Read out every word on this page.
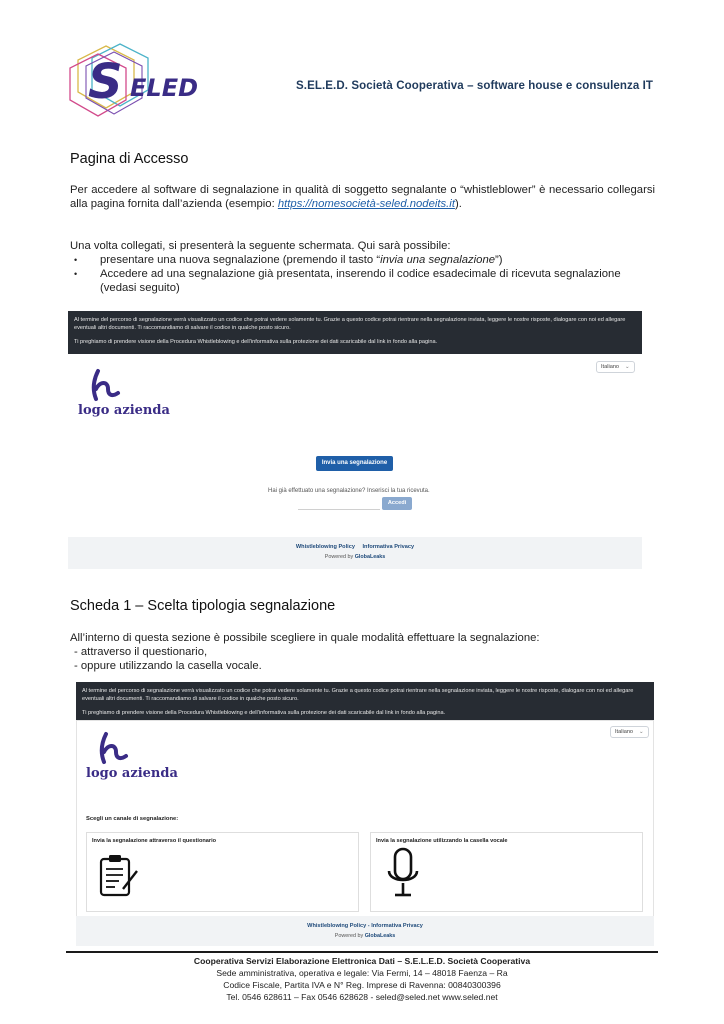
S ELED	S.EL.E.D. Società Cooperativa – software house e consulenza IT
Pagina di Accesso
Per accedere al software di segnalazione in qualità di soggetto segnalante o “whistleblower” è necessario collegarsi alla pagina fornita dall’azienda (esempio: https://nomesocietà-seled.nodeits.it).
Una volta collegati, si presenterà la seguente schermata. Qui sarà possibile:
•	presentare una nuova segnalazione (premendo il tasto “invia una segnalazione”)
•	Accedere ad una segnalazione già presentata, inserendo il codice esadecimale di ricevuta segnalazione (vedasi seguito)

Al termine del percorso di segnalazione verrà visualizzato un codice che potrai vedere solamente tu. Grazie a questo codice potrai rientrare nella segnalazione inviata, leggere le nostre risposte, dialogare con noi ed allegare eventuali altri documenti. Ti raccomandiamo di salvare il codice in qualche posto sicuro.

Ti preghiamo di prendere visione della Procedura Whistleblowing e dell'informativa sulla protezione dei dati scaricabile dal link in fondo alla pagina.

Italiano ⌄
logo azienda
Invia una segnalazione
Hai già effettuato una segnalazione? Inserisci la tua ricevuta.
Accedi
Whistleblowing Policy Informativa Privacy
Powered by GlobaLeaks
Scheda 1 – Scelta tipologia segnalazione
All’interno di questa sezione è possibile scegliere in quale modalità effettuare la segnalazione:
- attraverso il questionario,
- oppure utilizzando la casella vocale.

Al termine del percorso di segnalazione verrà visualizzato un codice che potrai vedere solamente tu. Grazie a questo codice potrai rientrare nella segnalazione inviata, leggere le nostre risposte, dialogare con noi ed allegare eventuali altri documenti. Ti raccomandiamo di salvare il codice in qualche posto sicuro.

Ti preghiamo di prendere visione della Procedura Whistleblowing e dell'informativa sulla protezione dei dati scaricabile dal link in fondo alla pagina.

Italiano ⌄
logo azienda
Scegli un canale di segnalazione:
Invia la segnalazione attraverso il questionario	Invia la segnalazione utilizzando la casella vocale
Whistleblowing Policy - Informativa Privacy
Powered by GlobaLeaks
Cooperativa Servizi Elaborazione Elettronica Dati – S.E.L.E.D. Società Cooperativa
Sede amministrativa, operativa e legale: Via Fermi, 14 – 48018 Faenza – Ra
Codice Fiscale, Partita IVA e N° Reg. Imprese di Ravenna: 00840300396
Tel. 0546 628611 – Fax 0546 628628 - seled@seled.net www.seled.net
